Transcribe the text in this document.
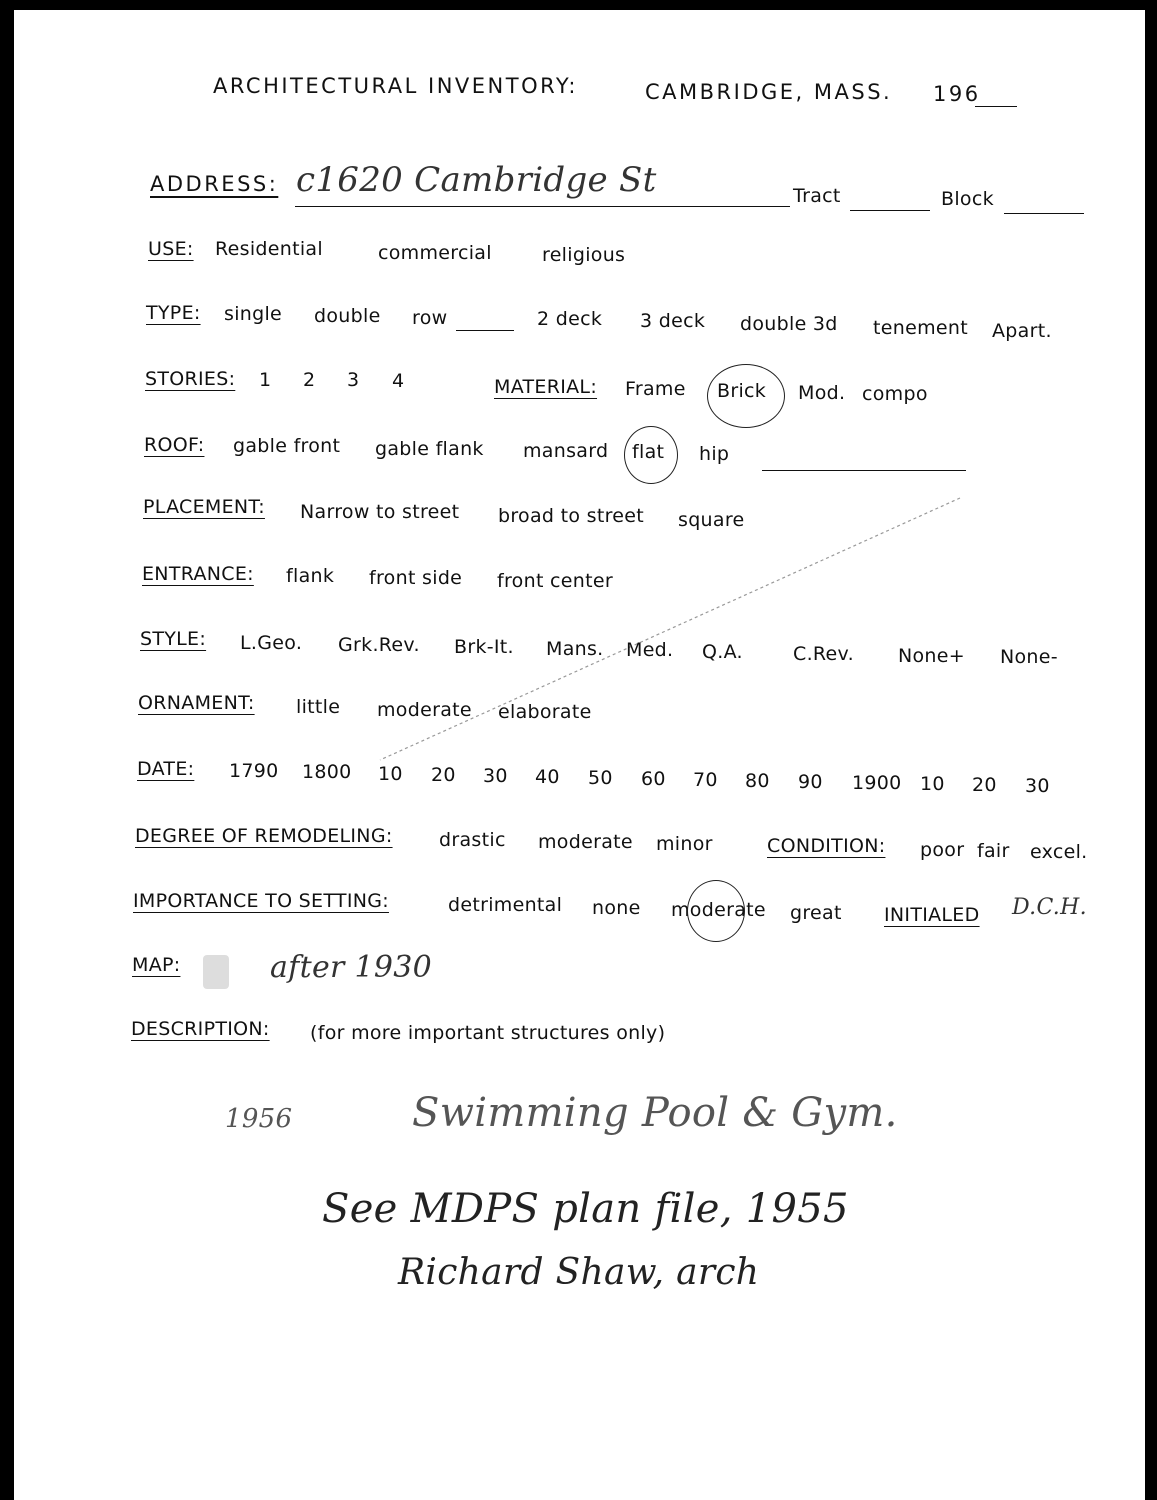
ARCHITECTURAL INVENTORY:	CAMBRIDGE, MASS. 196
ADDRESS: c1620 Cambridge St	Tract	Block
USE: Residential	commercial	religious
TYPE: single double row	2 deck 3 deck double 3d tenement Apart.
STORIES: 1 2 3 4	MATERIAL: Frame Brick Mod. compo
ROOF: gable front gable flank mansard flat hip
PLACEMENT: Narrow to street broad to street square
ENTRANCE: flank front side front center
STYLE: L.Geo. Grk.Rev. Brk-It. Mans. Med. Q.A.	C.Rev. None+ None-
ORNAMENT: little moderate elaborate
DATE: 1790 1800 10 20 30 40 50 60 70 80 90 1900 10 20 30
DEGREE OF REMODELING: drastic moderate minor	CONDITION: poor fair excel.
IMPORTANCE TO SETTING:	detrimental none moderate great INITIALED D.C.H.
MAP:	after 1930
DESCRIPTION: (for more important structures only)
1956	Swimming Pool & Gym.
See MDPS plan file, 1955
Richard Shaw, arch
